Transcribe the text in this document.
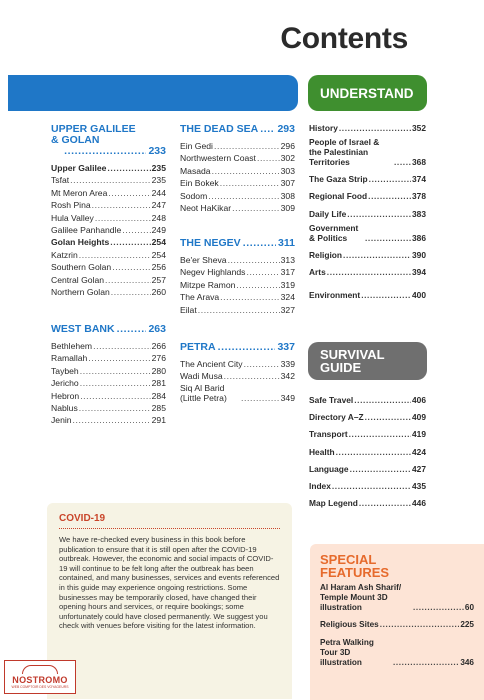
Contents
UNDERSTAND
UPPER GALILEE & GOLAN
.....
233
Upper Galilee .....	235
Tsfat .....	235
Mt Meron Area .....	244
Rosh Pina .....	247
Hula Valley .....	248
Galilee Panhandle .....	249
Golan Heights .....	254
Katzrin .....	254
Southern Golan .....	256
Central Golan .....	257
Northern Golan .....	260
WEST BANK .....	263
Bethlehem .....	266
Ramallah .....	276
Taybeh .....	280
Jericho .....	281
Hebron .....	284
Nablus .....	285
Jenin .....	291
THE DEAD SEA ..... 293
Ein Gedi .....	296
Northwestern Coast .....	302
Masada .....	303
Ein Bokek .....	307
Sodom .....	308
Neot HaKikar .....	309
THE NEGEV .....	311
Be'er Sheva .....	313
Negev Highlands .....	317
Mitzpe Ramon .....	319
The Arava .....	324
Eilat .....	327
PETRA .....	337
The Ancient City .....	339
Wadi Musa .....	342
Siq Al Barid (Little Petra) .....	349
History .....	352
People of Israel & the Palestinian Territories .....	368
The Gaza Strip .....	374
Regional Food .....	378
Daily Life .....	383
Government & Politics .....	386
Religion .....	390
Arts .....	394
Environment .....	400
SURVIVAL GUIDE
Safe Travel .....	406
Directory A–Z .....	409
Transport .....	419
Health .....	424
Language .....	427
Index .....	435
Map Legend .....	446
COVID-19

We have re-checked every business in this book before publication to ensure that it is still open after the COVID-19 outbreak. However, the economic and social impacts of COVID-19 will continue to be felt long after the outbreak has been contained, and many businesses, services and events referenced in this guide may experience ongoing restrictions. Some businesses may be temporarily closed, have changed their opening hours and services, or require bookings; some unfortunately could have closed permanently. We suggest you check with venues before visiting for the latest information.

SPECIAL FEATURES
Al Haram Ash Sharif/ Temple Mount 3D illustration .....	60
Religious Sites .....	225
Petra Walking Tour 3D illustration .....	346
NOSTROMO
WEB COMPTOIR DES VOYAGEURS
